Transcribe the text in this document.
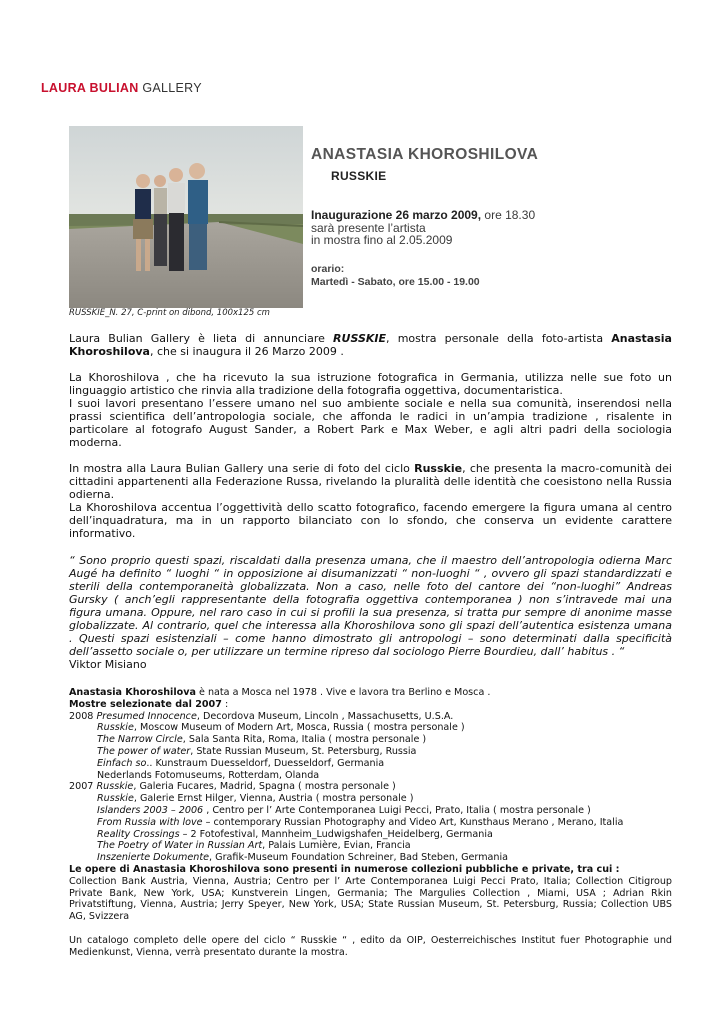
LAURA BULIAN GALLERY
RUSSKIE_N. 27, C-print on dibond, 100x125 cm
ANASTASIA KHOROSHILOVA
RUSSKIE
Inaugurazione 26 marzo 2009, ore 18.30
sarà presente l’artista
in mostra fino al 2.05.2009
orario:
Martedì - Sabato, ore 15.00 - 19.00

Laura Bulian Gallery è lieta di annunciare RUSSKIE, mostra personale della foto-artista Anastasia Khoroshilova, che si inaugura il 26 Marzo 2009 .

La Khoroshilova , che ha ricevuto la sua istruzione fotografica in Germania, utilizza nelle sue foto un linguaggio artistico che rinvia alla tradizione della fotografia oggettiva, documentaristica.

I suoi lavori presentano l’essere umano nel suo ambiente sociale e nella sua comunità, inserendosi nella prassi scientifica dell’antropologia sociale, che affonda le radici in un’ampia tradizione , risalente in particolare al fotografo August Sander, a Robert Park e Max Weber, e agli altri padri della sociologia moderna.

In mostra alla Laura Bulian Gallery una serie di foto del ciclo Russkie, che presenta la macro-comunità dei cittadini appartenenti alla Federazione Russa, rivelando la pluralità delle identità che coesistono nella Russia odierna.

La Khoroshilova accentua l’oggettività dello scatto fotografico, facendo emergere la figura umana al centro dell’inquadratura, ma in un rapporto bilanciato con lo sfondo, che conserva un evidente carattere informativo.

“ Sono proprio questi spazi, riscaldati dalla presenza umana, che il maestro dell’antropologia odierna Marc Augé ha definito “ luoghi “ in opposizione ai disumanizzati “ non-luoghi “ , ovvero gli spazi standardizzati e sterili della contemporaneità globalizzata. Non a caso, nelle foto del cantore dei “non-luoghi” Andreas Gursky ( anch’egli rappresentante della fotografia oggettiva contemporanea ) non s’intravede mai una figura umana. Oppure, nel raro caso in cui si profili la sua presenza, si tratta pur sempre di anonime masse globalizzate. Al contrario, quel che interessa alla Khoroshilova sono gli spazi dell’autentica esistenza umana . Questi spazi esistenziali – come hanno dimostrato gli antropologi – sono determinati dalla specificità dell’assetto sociale o, per utilizzare un termine ripreso dal sociologo Pierre Bourdieu, dall’ habitus . “

Viktor Misiano

Anastasia Khoroshilova è nata a Mosca nel 1978 . Vive e lavora tra Berlino e Mosca .
Mostre selezionate dal 2007 :
2008 Presumed Innocence, Decordova Museum, Lincoln , Massachusetts, U.S.A.
Russkie, Moscow Museum of Modern Art, Mosca, Russia ( mostra personale )
The Narrow Circle, Sala Santa Rita, Roma, Italia ( mostra personale )
The power of water, State Russian Museum, St. Petersburg, Russia
Einfach so.. Kunstraum Duesseldorf, Duesseldorf, Germania
Nederlands Fotomuseums, Rotterdam, Olanda
2007 Russkie, Galeria Fucares, Madrid, Spagna ( mostra personale )
Russkie, Galerie Ernst Hilger, Vienna, Austria ( mostra personale )
Islanders 2003 – 2006 , Centro per l’ Arte Contemporanea Luigi Pecci, Prato, Italia ( mostra personale )
From Russia with love – contemporary Russian Photography and Video Art, Kunsthaus Merano , Merano, Italia
Reality Crossings – 2 Fotofestival, Mannheim_Ludwigshafen_Heidelberg, Germania
The Poetry of Water in Russian Art, Palais Lumière, Evian, Francia
Inszenierte Dokumente, Grafik-Museum Foundation Schreiner, Bad Steben, Germania
Le opere di Anastasia Khoroshilova sono presenti in numerose collezioni pubbliche e private, tra cui :
Collection Bank Austria, Vienna, Austria; Centro per l’ Arte Contemporanea Luigi Pecci Prato, Italia; Collection Citigroup Private Bank, New York, USA; Kunstverein Lingen, Germania; The Margulies Collection , Miami, USA ; Adrian Rkin Privatstiftung, Vienna, Austria; Jerry Speyer, New York, USA; State Russian Museum, St. Petersburg, Russia; Collection UBS AG, Svizzera
Un catalogo completo delle opere del ciclo “ Russkie “ , edito da OIP, Oesterreichisches Institut fuer Photographie und Medienkunst, Vienna, verrà presentato durante la mostra.
